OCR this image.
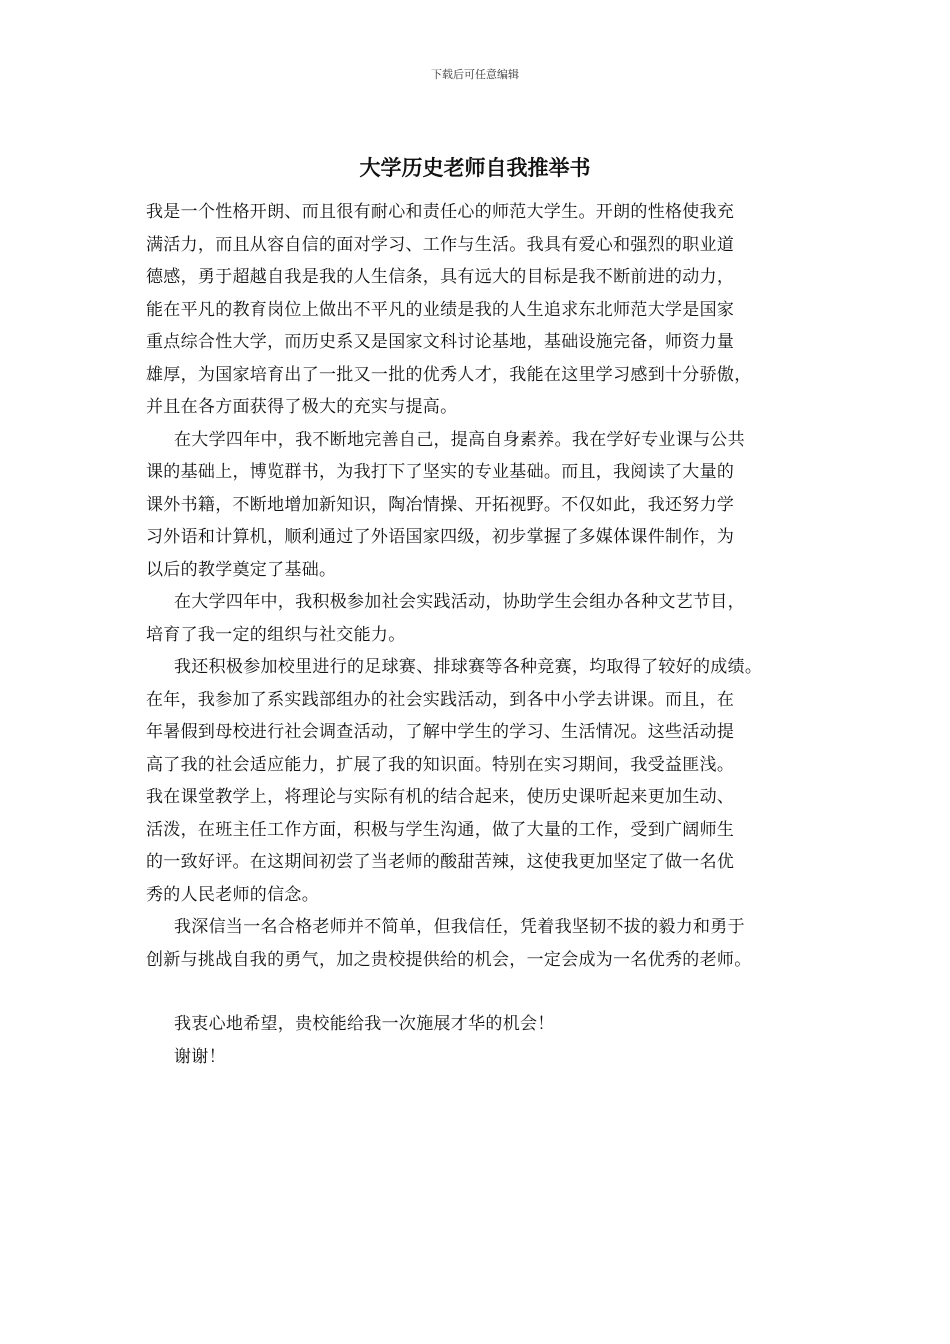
下载后可任意编辑
大学历史老师自我推举书
我是一个性格开朗、而且很有耐心和责任心的师范大学生。开朗的性格使我充
满活力，而且从容自信的面对学习、工作与生活。我具有爱心和强烈的职业道
德感，勇于超越自我是我的人生信条，具有远大的目标是我不断前进的动力，
能在平凡的教育岗位上做出不平凡的业绩是我的人生追求东北师范大学是国家
重点综合性大学，而历史系又是国家文科讨论基地，基础设施完备，师资力量
雄厚，为国家培育出了一批又一批的优秀人才，我能在这里学习感到十分骄傲，
并且在各方面获得了极大的充实与提高。
在大学四年中，我不断地完善自己，提高自身素养。我在学好专业课与公共
课的基础上，博览群书，为我打下了坚实的专业基础。而且，我阅读了大量的
课外书籍，不断地增加新知识，陶冶情操、开拓视野。不仅如此，我还努力学
习外语和计算机，顺利通过了外语国家四级，初步掌握了多媒体课件制作，为
以后的教学奠定了基础。
在大学四年中，我积极参加社会实践活动，协助学生会组办各种文艺节目，
培育了我一定的组织与社交能力。
我还积极参加校里进行的足球赛、排球赛等各种竞赛，均取得了较好的成绩。
在年，我参加了系实践部组办的社会实践活动，到各中小学去讲课。而且，在
年暑假到母校进行社会调查活动，了解中学生的学习、生活情况。这些活动提
高了我的社会适应能力，扩展了我的知识面。特别在实习期间，我受益匪浅。
我在课堂教学上，将理论与实际有机的结合起来，使历史课听起来更加生动、
活泼，在班主任工作方面，积极与学生沟通，做了大量的工作，受到广阔师生
的一致好评。在这期间初尝了当老师的酸甜苦辣，这使我更加坚定了做一名优
秀的人民老师的信念。
我深信当一名合格老师并不简单，但我信任，凭着我坚韧不拔的毅力和勇于
创新与挑战自我的勇气，加之贵校提供给的机会，一定会成为一名优秀的老师。
我衷心地希望，贵校能给我一次施展才华的机会！
谢谢！
